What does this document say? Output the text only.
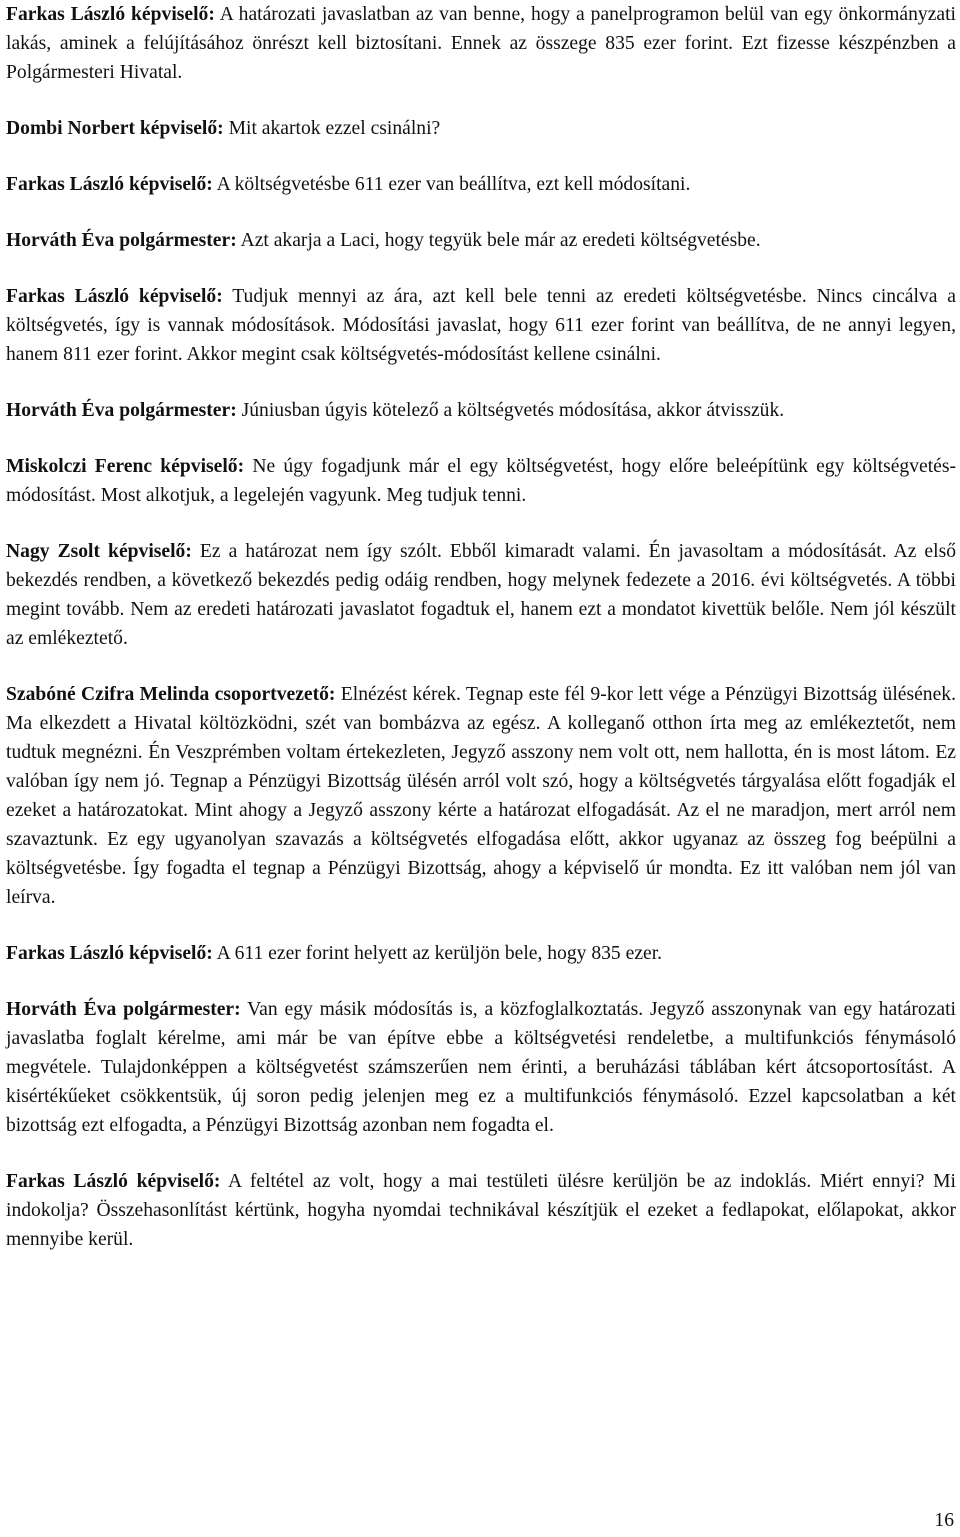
Farkas László képviselő: A határozati javaslatban az van benne, hogy a panelprogramon belül van egy önkormányzati lakás, aminek a felújításához önrészt kell biztosítani. Ennek az összege 835 ezer forint. Ezt fizesse készpénzben a Polgármesteri Hivatal.

Dombi Norbert képviselő: Mit akartok ezzel csinálni?

Farkas László képviselő: A költségvetésbe 611 ezer van beállítva, ezt kell módosítani.

Horváth Éva polgármester: Azt akarja a Laci, hogy tegyük bele már az eredeti költségvetésbe.

Farkas László képviselő: Tudjuk mennyi az ára, azt kell bele tenni az eredeti költségvetésbe. Nincs cincálva a költségvetés, így is vannak módosítások. Módosítási javaslat, hogy 611 ezer forint van beállítva, de ne annyi legyen, hanem 811 ezer forint. Akkor megint csak költségvetés-módosítást kellene csinálni.

Horváth Éva polgármester: Júniusban úgyis kötelező a költségvetés módosítása, akkor átvisszük.

Miskolczi Ferenc képviselő: Ne úgy fogadjunk már el egy költségvetést, hogy előre beleépítünk egy költségvetés-módosítást. Most alkotjuk, a legelején vagyunk. Meg tudjuk tenni.

Nagy Zsolt képviselő: Ez a határozat nem így szólt. Ebből kimaradt valami. Én javasoltam a módosítását. Az első bekezdés rendben, a következő bekezdés pedig odáig rendben, hogy melynek fedezete a 2016. évi költségvetés. A többi megint tovább. Nem az eredeti határozati javaslatot fogadtuk el, hanem ezt a mondatot kivettük belőle. Nem jól készült az emlékeztető.

Szabóné Czifra Melinda csoportvezető: Elnézést kérek. Tegnap este fél 9-kor lett vége a Pénzügyi Bizottság ülésének. Ma elkezdett a Hivatal költözködni, szét van bombázva az egész. A kolleganő otthon írta meg az emlékeztetőt, nem tudtuk megnézni. Én Veszprémben voltam értekezleten, Jegyző asszony nem volt ott, nem hallotta, én is most látom. Ez valóban így nem jó. Tegnap a Pénzügyi Bizottság ülésén arról volt szó, hogy a költségvetés tárgyalása előtt fogadják el ezeket a határozatokat. Mint ahogy a Jegyző asszony kérte a határozat elfogadását. Az el ne maradjon, mert arról nem szavaztunk. Ez egy ugyanolyan szavazás a költségvetés elfogadása előtt, akkor ugyanaz az összeg fog beépülni a költségvetésbe. Így fogadta el tegnap a Pénzügyi Bizottság, ahogy a képviselő úr mondta. Ez itt valóban nem jól van leírva.

Farkas László képviselő: A 611 ezer forint helyett az kerüljön bele, hogy 835 ezer.

Horváth Éva polgármester: Van egy másik módosítás is, a közfoglalkoztatás. Jegyző asszonynak van egy határozati javaslatba foglalt kérelme, ami már be van építve ebbe a költségvetési rendeletbe, a multifunkciós fénymásoló megvétele. Tulajdonképpen a költségvetést számszerűen nem érinti, a beruházási táblában kért átcsoportosítást. A kisértékűeket csökkentsük, új soron pedig jelenjen meg ez a multifunkciós fénymásoló. Ezzel kapcsolatban a két bizottság ezt elfogadta, a Pénzügyi Bizottság azonban nem fogadta el.

Farkas László képviselő: A feltétel az volt, hogy a mai testületi ülésre kerüljön be az indoklás. Miért ennyi? Mi indokolja? Összehasonlítást kértünk, hogyha nyomdai technikával készítjük el ezeket a fedlapokat, előlapokat, akkor mennyibe kerül.

16
